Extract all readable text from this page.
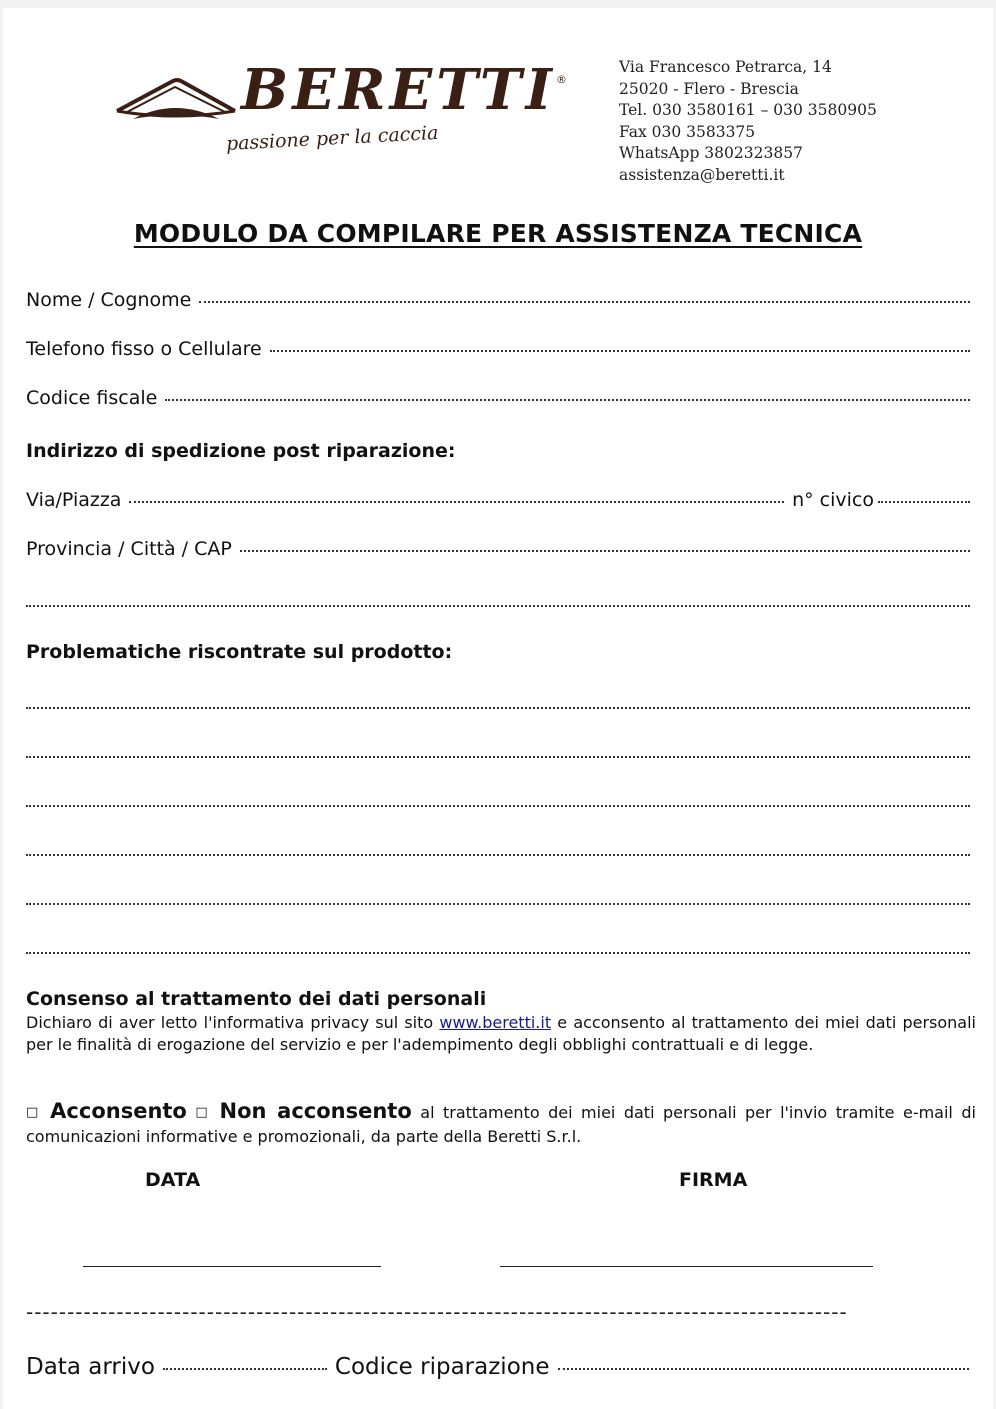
BERETTI ®
passione per la caccia
Via Francesco Petrarca, 14
25020 - Flero - Brescia
Tel. 030 3580161 – 030 3580905
Fax 030 3583375
WhatsApp 3802323857
assistenza@beretti.it
MODULO DA COMPILARE PER ASSISTENZA TECNICA
Nome / Cognome
Telefono fisso o Cellulare
Codice fiscale
Indirizzo di spedizione post riparazione:
Via/Piazza	n° civico
Provincia / Città / CAP
Problematiche riscontrate sul prodotto:
Consenso al trattamento dei dati personali
Dichiaro di aver letto l'informativa privacy sul sito www.beretti.it e acconsento al trattamento dei miei dati personali per le finalità di erogazione del servizio e per l'adempimento degli obblighi contrattuali e di legge.
□ Acconsento □ Non acconsento al trattamento dei miei dati personali per l'invio tramite e-mail di comunicazioni informative e promozionali, da parte della Beretti S.r.l.
DATA	FIRMA
----------------------------------------------------------------------------------------------------
Data arrivo	Codice riparazione
